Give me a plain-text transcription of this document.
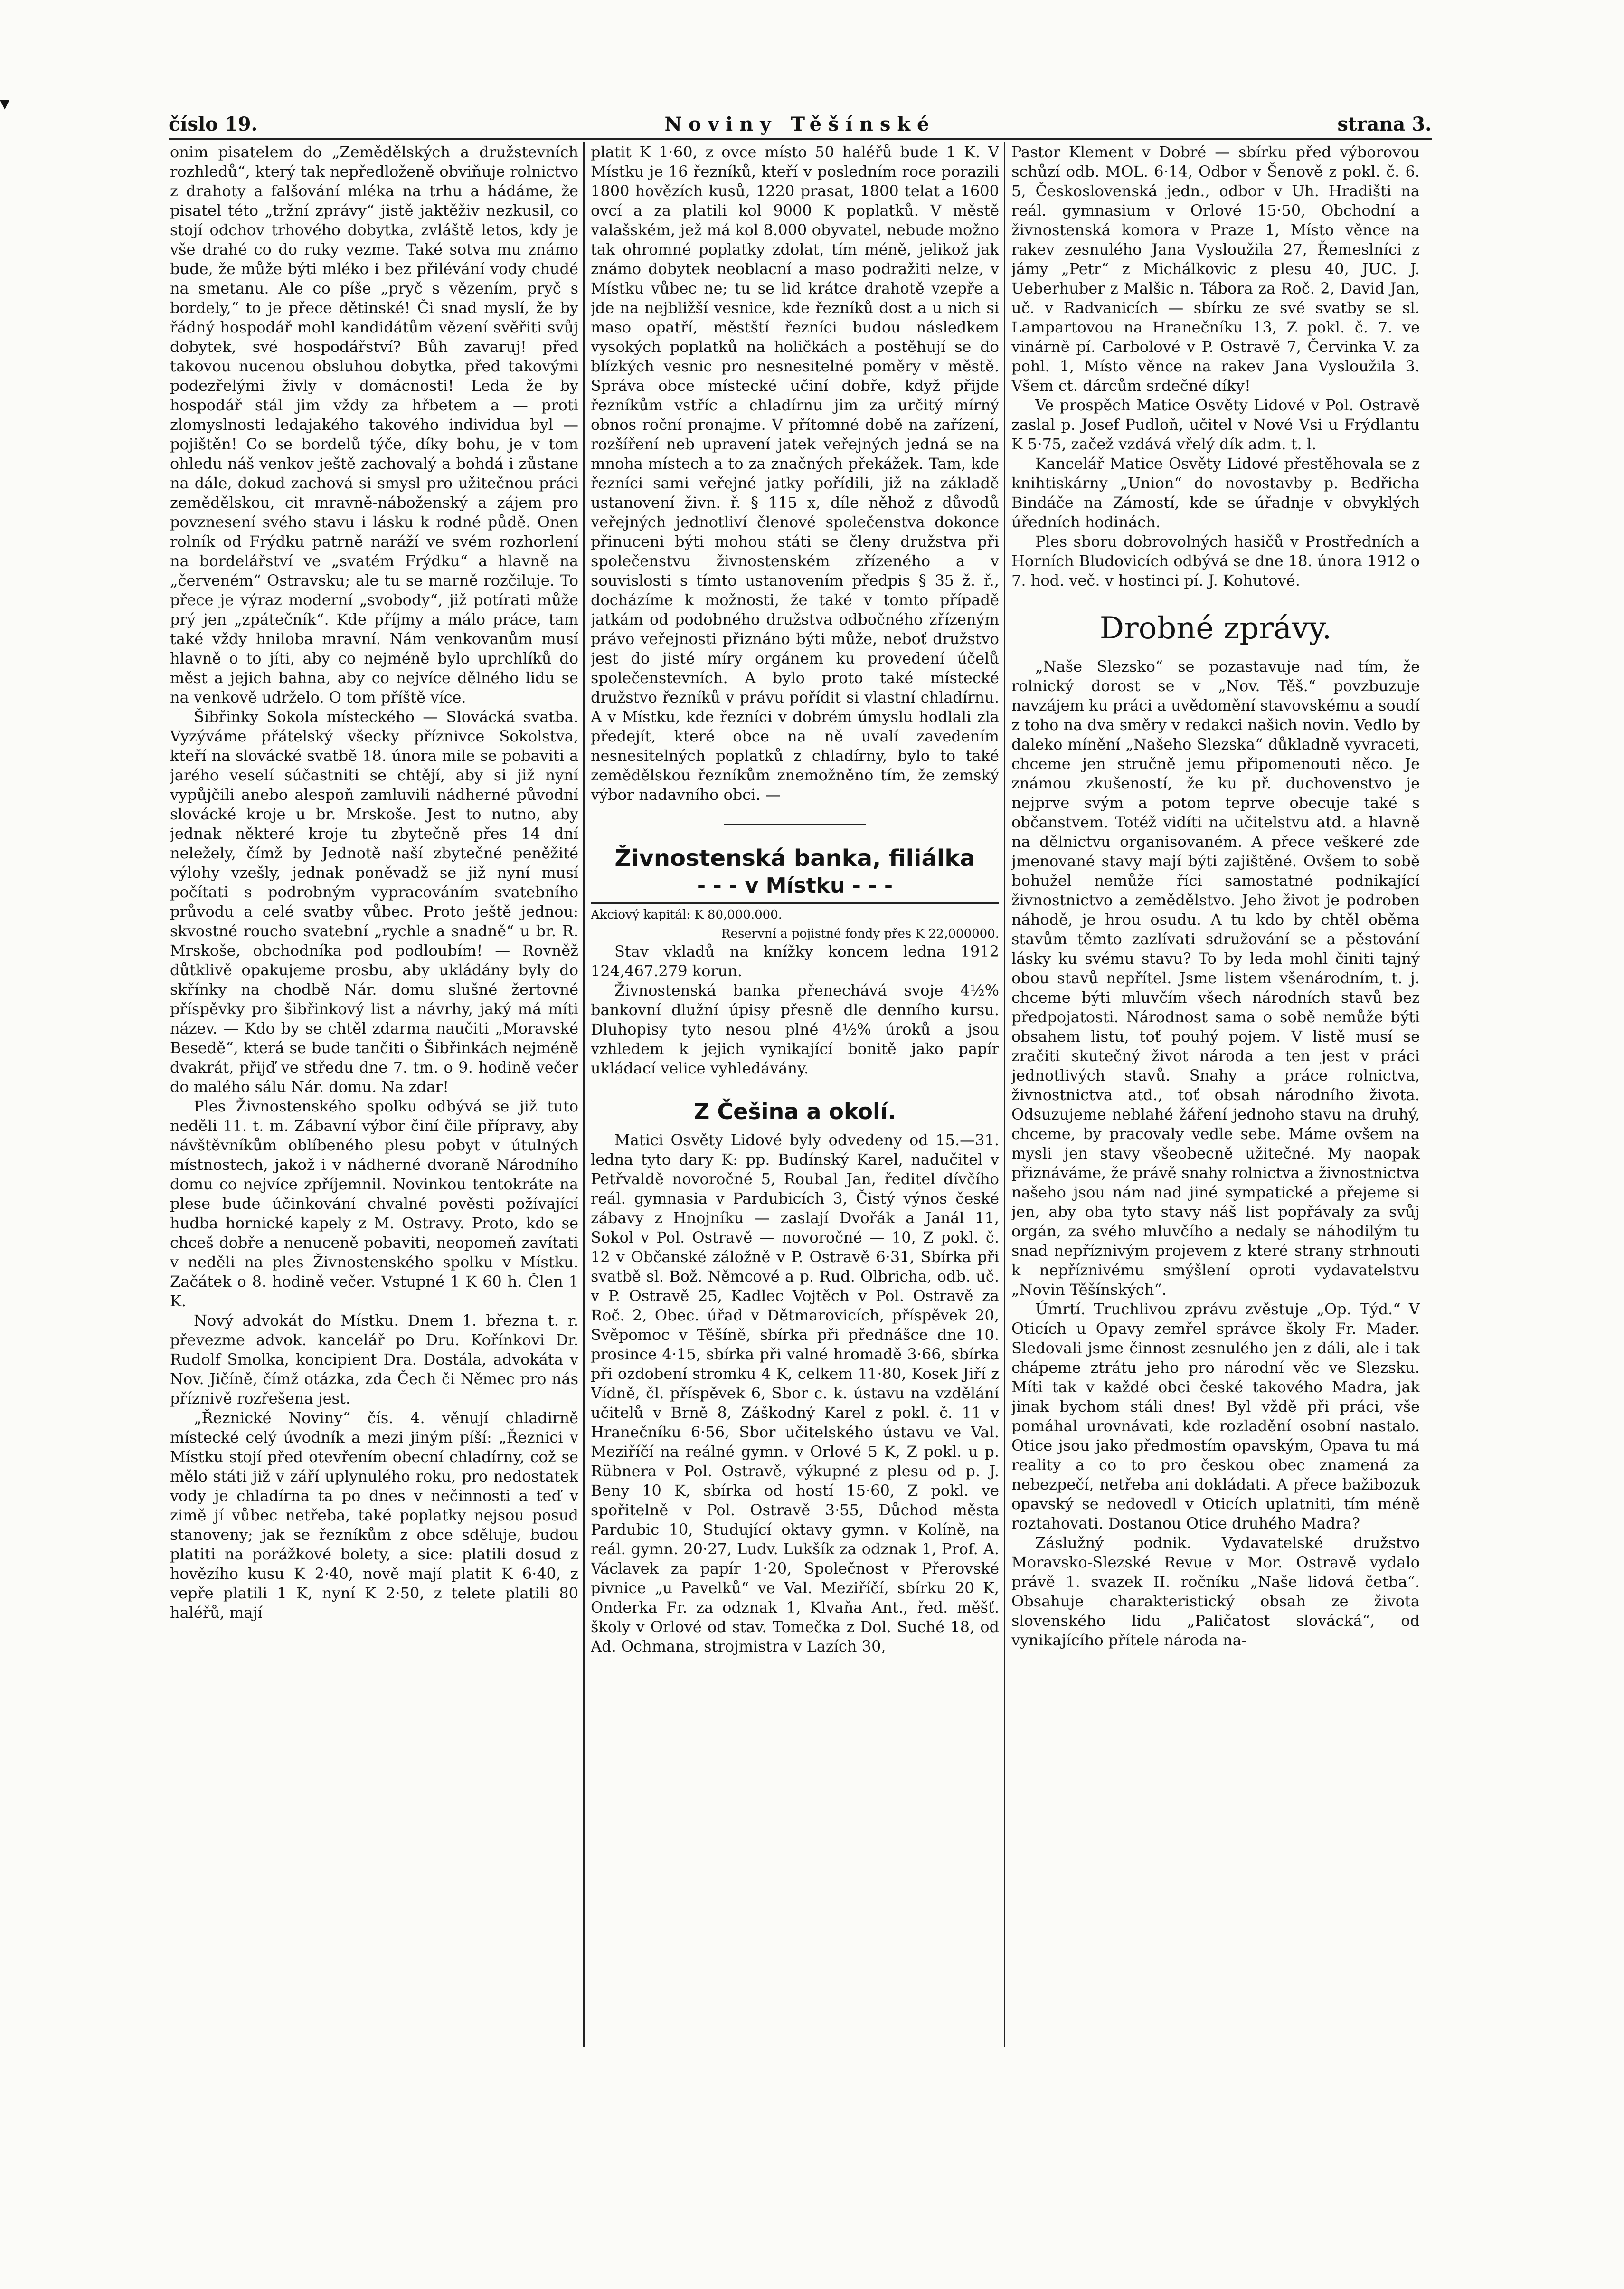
▾
číslo 19.	Noviny Těšínské	strana 3.

onim pisatelem do „Zemědělských a družstevních rozhledů“, který tak nepředloženě obviňuje rolnictvo z drahoty a falšování mléka na trhu a hádáme, že pisatel této „tržní zprávy“ jistě jaktěživ nezkusil, co stojí odchov trhového dobytka, zvláště letos, kdy je vše drahé co do ruky vezme. Také sotva mu známo bude, že může býti mléko i bez přilévání vody chudé na smetanu. Ale co píše „pryč s vězením, pryč s bordely,“ to je přece dětinské! Či snad myslí, že by řádný hospodář mohl kandidátům vězení svěřiti svůj dobytek, své hospodářství? Bůh zavaruj! před takovou nucenou obsluhou dobytka, před takovými podezřelými živly v domácnosti! Leda že by hospodář stál jim vždy za hřbetem a — proti zlomyslnosti ledajakého takového individua byl — pojištěn! Co se bordelů týče, díky bohu, je v tom ohledu náš venkov ještě zachovalý a bohdá i zůstane na dále, dokud zachová si smysl pro užitečnou práci zemědělskou, cit mravně-náboženský a zájem pro povznesení svého stavu i lásku k rodné půdě. Onen rolník od Frýdku patrně naráží ve svém rozhorlení na bordelářství ve „svatém Frýdku“ a hlavně na „červeném“ Ostravsku; ale tu se marně rozčiluje. To přece je výraz moderní „svobody“, již potírati může prý jen „zpátečník“. Kde příjmy a málo práce, tam také vždy hniloba mravní. Nám venkovanům musí hlavně o to jíti, aby co nejméně bylo uprchlíků do měst a jejich bahna, aby co nejvíce dělného lidu se na venkově udrželo. O tom příště více.

Šibřinky Sokola místeckého — Slovácká svatba. Vyzýváme přátelský všecky příznivce Sokolstva, kteří na slovácké svatbě 18. února mile se pobaviti a jarého veselí súčastniti se chtějí, aby si již nyní vypůjčili anebo alespoň zamluvili nádherné původní slovácké kroje u br. Mrskoše. Jest to nutno, aby jednak některé kroje tu zbytečně přes 14 dní neležely, čímž by Jednotě naší zbytečné peněžité výlohy vzešly, jednak poněvadž se již nyní musí počítati s podrobným vypracováním svatebního průvodu a celé svatby vůbec. Proto ještě jednou: skvostné roucho svatební „rychle a snadně“ u br. R. Mrskoše, obchodníka pod podloubím! — Rovněž důtklivě opakujeme prosbu, aby ukládány byly do skřínky na chodbě Nár. domu slušné žertovné příspěvky pro šibřinkový list a návrhy, jaký má míti název. — Kdo by se chtěl zdarma naučiti „Moravské Besedě“, která se bude tančiti o Šibřinkách nejméně dvakrát, přijď ve středu dne 7. tm. o 9. hodině večer do malého sálu Nár. domu. Na zdar!

Ples Živnostenského spolku odbývá se již tuto neděli 11. t. m. Zábavní výbor činí čile přípravy, aby návštěvníkům oblíbeného plesu pobyt v útulných místnostech, jakož i v nádherné dvoraně Národního domu co nejvíce zpříjemnil. Novinkou tentokráte na plese bude účinkování chvalné pověsti požívající hudba hornické kapely z M. Ostravy. Proto, kdo se chceš dobře a nenuceně pobaviti, neopomeň zavítati v neděli na ples Živnostenského spolku v Místku. Začátek o 8. hodině večer. Vstupné 1 K 60 h. Člen 1 K.

Nový advokát do Místku. Dnem 1. března t. r. převezme advok. kancelář po Dru. Kořínkovi Dr. Rudolf Smolka, koncipient Dra. Dostála, advokáta v Nov. Jičíně, čímž otázka, zda Čech či Němec pro nás příznivě rozřešena jest.

„Řeznické Noviny“ čís. 4. věnují chladirně místecké celý úvodník a mezi jiným píší: „Řeznici v Místku stojí před otevřením obecní chladírny, což se mělo státi již v září uplynulého roku, pro nedostatek vody je chladírna ta po dnes v nečinnosti a teď v zimě jí vůbec netřeba, také poplatky nejsou posud stanoveny; jak se řezníkům z obce sděluje, budou platiti na porážkové bolety, a sice: platili dosud z hovězího kusu K 2·40, nově mají platit K 6·40, z vepře platili 1 K, nyní K 2·50, z telete platili 80 haléřů, mají

platit K 1·60, z ovce místo 50 haléřů bude 1 K. V Místku je 16 řezníků, kteří v posledním roce porazili 1800 hovězích kusů, 1220 prasat, 1800 telat a 1600 ovcí a za platili kol 9000 K poplatků. V městě valašském, jež má kol 8.000 obyvatel, nebude možno tak ohromné poplatky zdolat, tím méně, jelikož jak známo dobytek neoblacní a maso podražiti nelze, v Místku vůbec ne; tu se lid krátce drahotě vzepře a jde na nejbližší vesnice, kde řezníků dost a u nich si maso opatří, městští řezníci budou následkem vysokých poplatků na holičkách a postěhují se do blízkých vesnic pro nesnesitelné poměry v městě. Správa obce místecké učiní dobře, když přijde řezníkům vstříc a chladírnu jim za určitý mírný obnos roční pronajme. V přítomné době na zařízení, rozšíření neb upravení jatek veřejných jedná se na mnoha místech a to za značných překážek. Tam, kde řezníci sami veřejné jatky pořídili, již na základě ustanovení živn. ř. § 115 x, díle něhož z důvodů veřejných jednotliví členové společenstva dokonce přinuceni býti mohou státi se členy družstva při společenstvu živnostenském zřízeného a v souvislosti s tímto ustanovením předpis § 35 ž. ř., docházíme k možnosti, že také v tomto případě jatkám od podobného družstva odbočného zřízeným právo veřejnosti přiznáno býti může, neboť družstvo jest do jisté míry orgánem ku provedení účelů společenstevních. A bylo proto také místecké družstvo řezníků v právu pořídit si vlastní chladírnu. A v Místku, kde řezníci v dobrém úmyslu hodlali zla předejít, které obce na ně uvalí zavedením nesnesitelných poplatků z chladírny, bylo to také zemědělskou řezníkům znemožněno tím, že zemský výbor nadavního obci. —

Živnostenská banka, filiálka
- - - v Místku - - -
Akciový kapitál: K 80,000.000.
Reservní a pojistné fondy přes K 22,000000.

Stav vkladů na knížky koncem ledna 1912 124,467.279 korun.

Živnostenská banka přenechává svoje 4½% bankovní dlužní úpisy přesně dle denního kursu. Dluhopisy tyto nesou plné 4½% úroků a jsou vzhledem k jejich vynikající bonitě jako papír ukládací velice vyhledávány.

Z Češina a okolí.

Matici Osvěty Lidové byly odvedeny od 15.—31. ledna tyto dary K: pp. Budínský Karel, nadučitel v Petřvaldě novoročné 5, Roubal Jan, ředitel dívčího reál. gymnasia v Pardubicích 3, Čistý výnos české zábavy z Hnojníku — zaslají Dvořák a Janál 11, Sokol v Pol. Ostravě — novoročné — 10, Z pokl. č. 12 v Občanské záložně v P. Ostravě 6·31, Sbírka při svatbě sl. Bož. Němcové a p. Rud. Olbricha, odb. uč. v P. Ostravě 25, Kadlec Vojtěch v Pol. Ostravě za Roč. 2, Obec. úřad v Dětmarovicích, příspěvek 20, Svěpomoc v Těšíně, sbírka při přednášce dne 10. prosince 4·15, sbírka při valné hromadě 3·66, sbírka při ozdobení stromku 4 K, celkem 11·80, Kosek Jiří z Vídně, čl. příspěvek 6, Sbor c. k. ústavu na vzdělání učitelů v Brně 8, Záškodný Karel z pokl. č. 11 v Hranečníku 6·56, Sbor učitelského ústavu ve Val. Meziříčí na reálné gymn. v Orlové 5 K, Z pokl. u p. Rübnera v Pol. Ostravě, výkupné z plesu od p. J. Beny 10 K, sbírka od hostí 15·60, Z pokl. ve spořitelně v Pol. Ostravě 3·55, Důchod města Pardubic 10, Studující oktavy gymn. v Kolíně, na reál. gymn. 20·27, Ludv. Lukšík za odznak 1, Prof. A. Václavek za papír 1·20, Společnost v Přerovské pivnice „u Pavelků“ ve Val. Meziříčí, sbírku 20 K, Onderka Fr. za odznak 1, Klvaňa Ant., řed. měšť. školy v Orlové od stav. Tomečka z Dol. Suché 18, od Ad. Ochmana, strojmistra v Lazích 30,

Pastor Klement v Dobré — sbírku před výborovou schůzí odb. MOL. 6·14, Odbor v Šenově z pokl. č. 6. 5, Československá jedn., odbor v Uh. Hradišti na reál. gymnasium v Orlové 15·50, Obchodní a živnostenská komora v Praze 1, Místo věnce na rakev zesnulého Jana Vysloužila 27, Řemeslníci z jámy „Petr“ z Michálkovic z plesu 40, JUC. J. Ueberhuber z Malšic n. Tábora za Roč. 2, David Jan, uč. v Radvanicích — sbírku ze své svatby se sl. Lampartovou na Hranečníku 13, Z pokl. č. 7. ve vinárně pí. Carbolové v P. Ostravě 7, Červinka V. za pohl. 1, Místo věnce na rakev Jana Vysloužila 3. Všem ct. dárcům srdečné díky!

Ve prospěch Matice Osvěty Lidové v Pol. Ostravě zaslal p. Josef Pudloň, učitel v Nové Vsi u Frýdlantu K 5·75, začež vzdává vřelý dík adm. t. l.

Kancelář Matice Osvěty Lidové přestěhovala se z knihtiskárny „Union“ do novostavby p. Bedřicha Bindáče na Zámostí, kde se úřadnje v obvyklých úředních hodinách.

Ples sboru dobrovolných hasičů v Prostředních a Horních Bludovicích odbývá se dne 18. února 1912 o 7. hod. več. v hostinci pí. J. Kohutové.

Drobné zprávy.

„Naše Slezsko“ se pozastavuje nad tím, že rolnický dorost se v „Nov. Těš.“ povzbuzuje navzájem ku práci a uvědomění stavovskému a soudí z toho na dva směry v redakci našich novin. Vedlo by daleko mínění „Našeho Slezska“ důkladně vyvraceti, chceme jen stručně jemu připomenouti něco. Je známou zkušeností, že ku př. duchovenstvo je nejprve svým a potom teprve obecuje také s občanstvem. Totéž vidíti na učitelstvu atd. a hlavně na dělnictvu organisovaném. A přece veškeré zde jmenované stavy mají býti zajištěné. Ovšem to sobě bohužel nemůže říci samostatné podnikající živnostnictvo a zemědělstvo. Jeho život je podroben náhodě, je hrou osudu. A tu kdo by chtěl oběma stavům těmto zazlívati sdružování se a pěstování lásky ku svému stavu? To by leda mohl činiti tajný obou stavů nepřítel. Jsme listem všenárodním, t. j. chceme býti mluvčím všech národních stavů bez předpojatosti. Národnost sama o sobě nemůže býti obsahem listu, toť pouhý pojem. V listě musí se zračiti skutečný život národa a ten jest v práci jednotlivých stavů. Snahy a práce rolnictva, živnostnictva atd., toť obsah národního života. Odsuzujeme neblahé žáření jednoho stavu na druhý, chceme, by pracovaly vedle sebe. Máme ovšem na mysli jen stavy všeobecně užitečné. My naopak přiznáváme, že právě snahy rolnictva a živnostnictva našeho jsou nám nad jiné sympatické a přejeme si jen, aby oba tyto stavy náš list popřávaly za svůj orgán, za svého mluvčího a nedaly se náhodilým tu snad nepříznivým projevem z které strany strhnouti k nepříznivému smýšlení oproti vydavatelstvu „Novin Těšínských“.

Úmrtí. Truchlivou zprávu zvěstuje „Op. Týd.“ V Oticích u Opavy zemřel správce školy Fr. Mader. Sledovali jsme činnost zesnulého jen z dáli, ale i tak chápeme ztrátu jeho pro národní věc ve Slezsku. Míti tak v každé obci české takového Madra, jak jinak bychom stáli dnes! Byl vždě při práci, vše pomáhal urovnávati, kde rozladění osobní nastalo. Otice jsou jako předmostím opavským, Opava tu má reality a co to pro českou obec znamená za nebezpečí, netřeba ani dokládati. A přece bažibozuk opavský se nedovedl v Oticích uplatniti, tím méně roztahovati. Dostanou Otice druhého Madra?

Záslužný podnik. Vydavatelské družstvo Moravsko-Slezské Revue v Mor. Ostravě vydalo právě 1. svazek II. ročníku „Naše lidová četba“. Obsahuje charakteristický obsah ze života slovenského lidu „Paličatost slovácká“, od vynikajícího přítele národa na-
